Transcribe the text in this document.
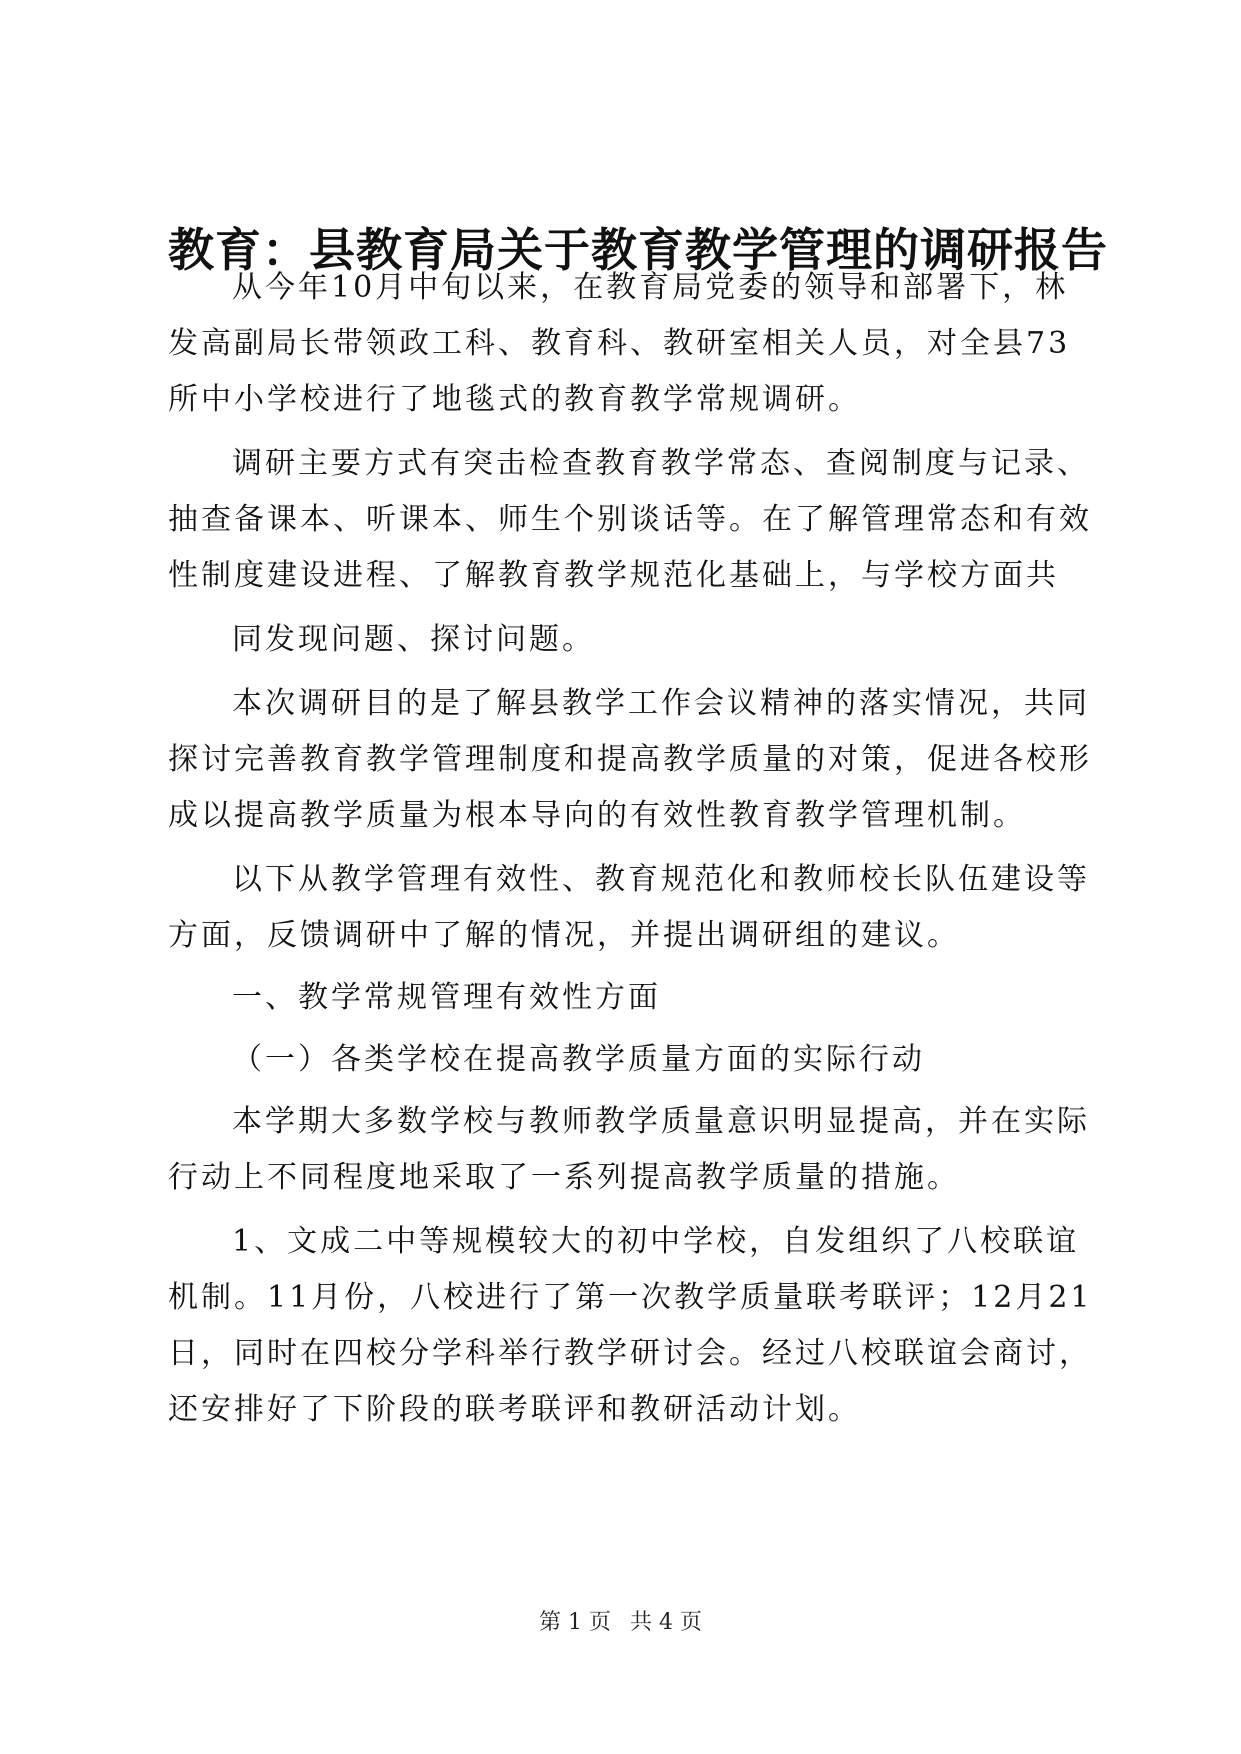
教育：县教育局关于教育教学管理的调研报告
从今年10月中旬以来，在教育局党委的领导和部署下，林
发高副局长带领政工科、教育科、教研室相关人员，对全县73
所中小学校进行了地毯式的教育教学常规调研。
调研主要方式有突击检查教育教学常态、查阅制度与记录、
抽查备课本、听课本、师生个别谈话等。在了解管理常态和有效
性制度建设进程、了解教育教学规范化基础上，与学校方面共
同发现问题、探讨问题。
本次调研目的是了解县教学工作会议精神的落实情况，共同
探讨完善教育教学管理制度和提高教学质量的对策，促进各校形
成以提高教学质量为根本导向的有效性教育教学管理机制。
以下从教学管理有效性、教育规范化和教师校长队伍建设等
方面，反馈调研中了解的情况，并提出调研组的建议。
一、教学常规管理有效性方面
（一）各类学校在提高教学质量方面的实际行动
本学期大多数学校与教师教学质量意识明显提高，并在实际
行动上不同程度地采取了一系列提高教学质量的措施。
1、文成二中等规模较大的初中学校，自发组织了八校联谊
机制。11月份，八校进行了第一次教学质量联考联评；12月21
日，同时在四校分学科举行教学研讨会。经过八校联谊会商讨，
还安排好了下阶段的联考联评和教研活动计划。
第 1 页 共 4 页
